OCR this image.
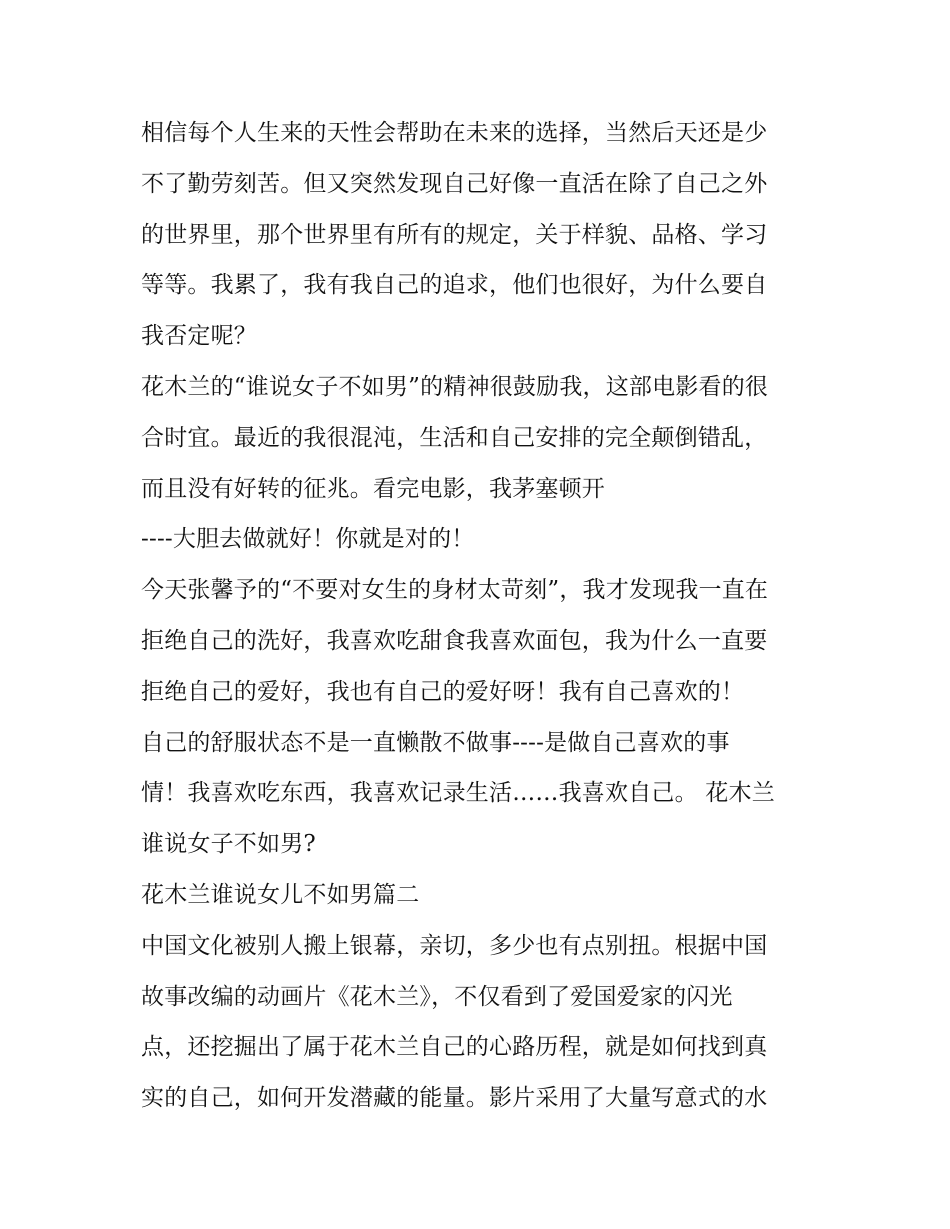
相信每个人生来的天性会帮助在未来的选择，当然后天还是少
不了勤劳刻苦。但又突然发现自己好像一直活在除了自己之外
的世界里，那个世界里有所有的规定，关于样貌、品格、学习
等等。我累了，我有我自己的追求，他们也很好，为什么要自
我否定呢？
花木兰的“谁说女子不如男”的精神很鼓励我，这部电影看的很
合时宜。最近的我很混沌，生活和自己安排的完全颠倒错乱，
而且没有好转的征兆。看完电影，我茅塞顿开
----大胆去做就好！你就是对的！
今天张馨予的“不要对女生的身材太苛刻”，我才发现我一直在
拒绝自己的洗好，我喜欢吃甜食我喜欢面包，我为什么一直要
拒绝自己的爱好，我也有自己的爱好呀！我有自己喜欢的！
自己的舒服状态不是一直懒散不做事----是做自己喜欢的事
情！我喜欢吃东西，我喜欢记录生活……我喜欢自己。 花木兰
谁说女子不如男?
花木兰谁说女儿不如男篇二
中国文化被别人搬上银幕，亲切，多少也有点别扭。根据中国
故事改编的动画片《花木兰》，不仅看到了爱国爱家的闪光
点，还挖掘出了属于花木兰自己的心路历程，就是如何找到真
实的自己，如何开发潜藏的能量。影片采用了大量写意式的水
